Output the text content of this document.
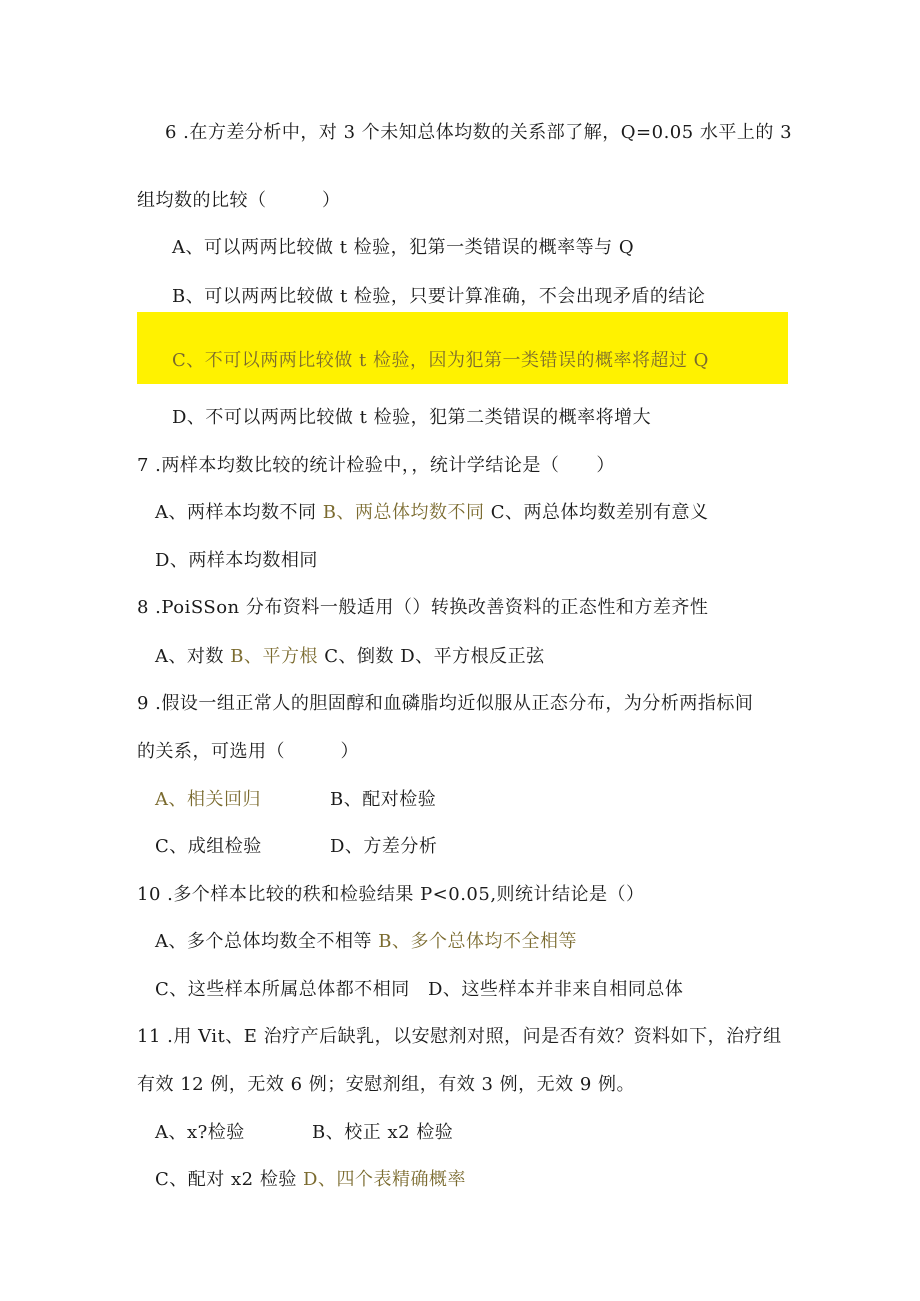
6 .在方差分析中，对 3 个未知总体均数的关系部了解，Q=0.05 水平上的 3
组均数的比较（　　　）
A、可以两两比较做 t 检验，犯第一类错误的概率等与 Q
B、可以两两比较做 t 检验，只要计算准确，不会出现矛盾的结论
C、不可以两两比较做 t 检验，因为犯第一类错误的概率将超过 Q
D、不可以两两比较做 t 检验，犯第二类错误的概率将增大
7 .两样本均数比较的统计检验中，，统计学结论是（　　）
A、两样本均数不同 B、两总体均数不同 C、两总体均数差别有意义
D、两样本均数相同
8 .PoiSSon 分布资料一般适用（）转换改善资料的正态性和方差齐性
A、对数 B、平方根 C、倒数 D、平方根反正弦
9 .假设一组正常人的胆固醇和血磷脂均近似服从正态分布，为分析两指标间
的关系，可选用（　　　）
A、相关回归	B、配对检验
C、成组检验	D、方差分析
10 .多个样本比较的秩和检验结果 P<0.05,则统计结论是（）
A、多个总体均数全不相等 B、多个总体均不全相等
C、这些样本所属总体都不相同 D、这些样本并非来自相同总体
11 .用 Vit、E 治疗产后缺乳，以安慰剂对照，问是否有效？资料如下，治疗组
有效 12 例，无效 6 例；安慰剂组，有效 3 例，无效 9 例。
A、x?检验	B、校正 x2 检验
C、配对 x2 检验 D、四个表精确概率
